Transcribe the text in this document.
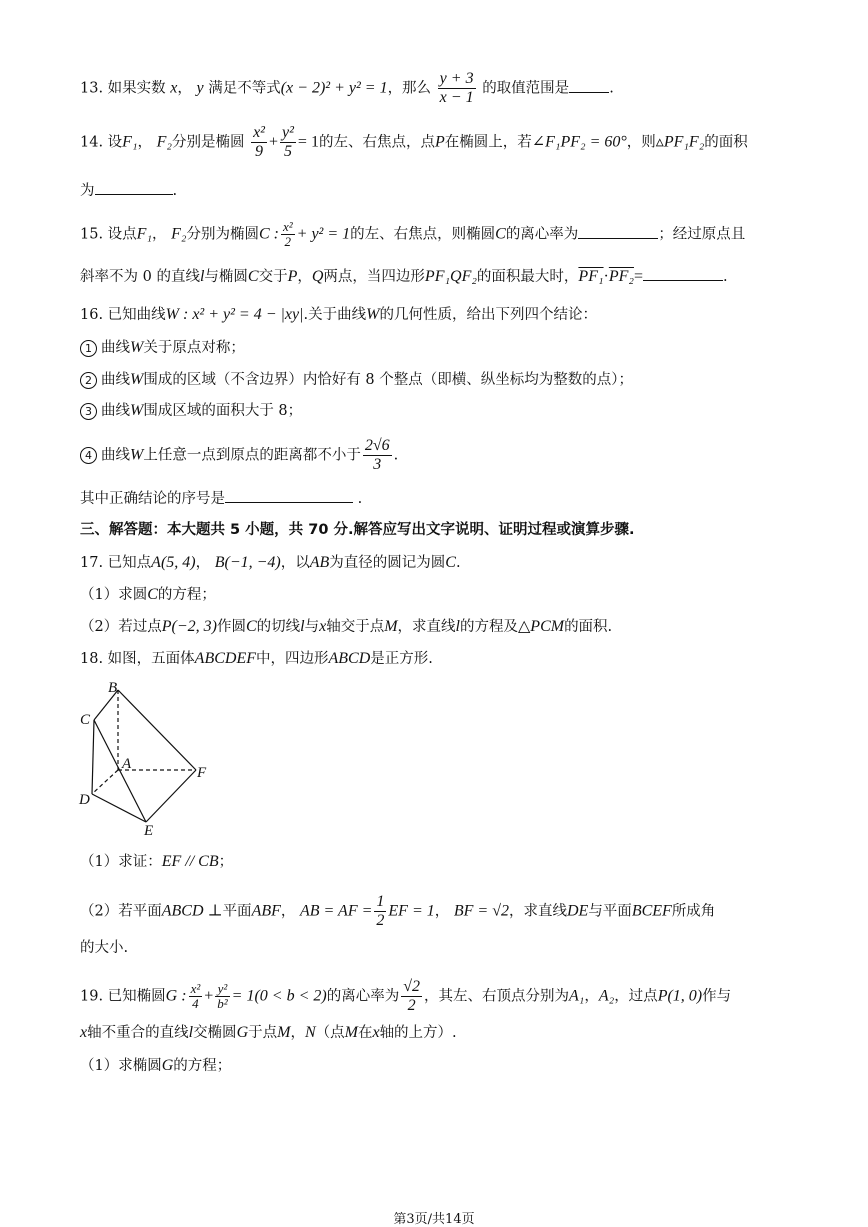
13. 如果实数 x， y 满足不等式(x − 2)² + y² = 1，那么 $\frac{y + 3}{x - 1}$ 的取值范围是	.
14. 设F₁， F₂分别是椭圆 $\frac{\text{x²}}{9} + \frac{\text{y²}}{5} = 1$的左、右焦点，点P在椭圆上，若∠F₁PF₂ = 60°，则▵PF₁F₂的面积
为	.
15. 设点F₁， F₂分别为椭圆C : $\frac{\text{x²}}{2} + y^2 = 1$的左、右焦点，则椭圆C的离心率为	；经过原点且
斜率不为 0 的直线l与椭圆C交于P，Q两点，当四边形PF₁QF₂的面积最大时，PF₁·PF₂=	.
16. 已知曲线W : x² + y² = 4 − |xy|.关于曲线W的几何性质，给出下列四个结论：
1 曲线W关于原点对称；
2 曲线W围成的区域（不含边界）内恰好有 8 个整点（即横、纵坐标均为整数的点）；
3 曲线W围成区域的面积大于 8；
4 曲线W上任意一点到原点的距离都不小于 $\frac{2√6}{3}$ .
其中正确结论的序号是	.
三、解答题：本大题共 5 小题，共 70 分.解答应写出文字说明、证明过程或演算步骤.
17. 已知点A(5, 4)， B(−1, −4)，以AB为直径的圆记为圆C.
（1）求圆C的方程；
（2）若过点P(−2, 3)作圆C的切线l与x轴交于点M，求直线l的方程及△PCM的面积.
18. 如图，五面体ABCDEF中，四边形ABCD是正方形.
B
C
A
F
D
E
（1）求证：EF // CB；
（2）若平面ABCD ⊥平面ABF， AB = AF = $\frac{1}{2}$ EF = 1， BF = √2，求直线DE与平面BCEF所成角
的大小.
19. 已知椭圆G : $\frac{\text{x²}}{4} + \frac{\text{y²}}{\text{b²}} = 1(0 < b < 2)$的离心率为 $\frac{√2}{2}$ ，其左、右顶点分别为A₁，A₂，过点P(1, 0)作与
x轴不重合的直线l交椭圆G于点M，N（点M在x轴的上方）.
（1）求椭圆G的方程；
第3页/共14页
